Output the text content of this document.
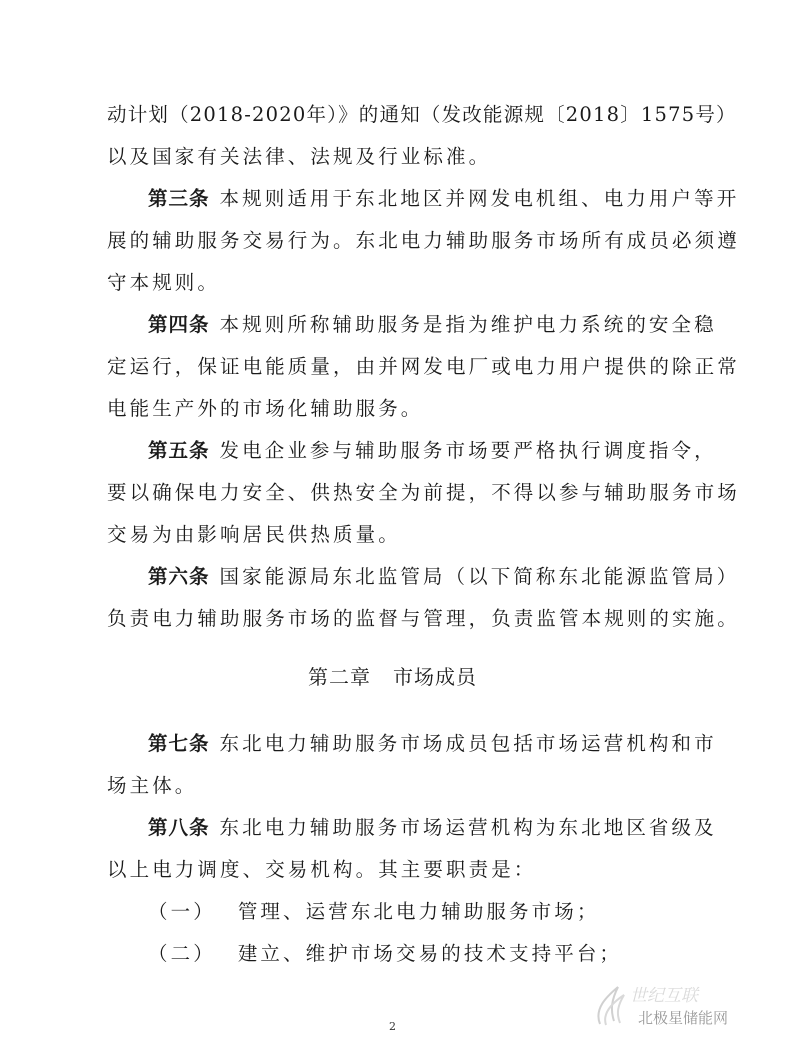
动计划（2018-2020年）》的通知（发改能源规〔2018〕1575号）
以及国家有关法律、法规及行业标准。
第三条 本规则适用于东北地区并网发电机组、电力用户等开
展的辅助服务交易行为。东北电力辅助服务市场所有成员必须遵
守本规则。
第四条 本规则所称辅助服务是指为维护电力系统的安全稳
定运行，保证电能质量，由并网发电厂或电力用户提供的除正常
电能生产外的市场化辅助服务。
第五条 发电企业参与辅助服务市场要严格执行调度指令，
要以确保电力安全、供热安全为前提，不得以参与辅助服务市场
交易为由影响居民供热质量。
第六条 国家能源局东北监管局（以下简称东北能源监管局）
负责电力辅助服务市场的监督与管理，负责监管本规则的实施。
第二章 市场成员
第七条 东北电力辅助服务市场成员包括市场运营机构和市
场主体。
第八条 东北电力辅助服务市场运营机构为东北地区省级及
以上电力调度、交易机构。其主要职责是：
（一） 管理、运营东北电力辅助服务市场；
（二） 建立、维护市场交易的技术支持平台；
世纪互联
北极星储能网
2
